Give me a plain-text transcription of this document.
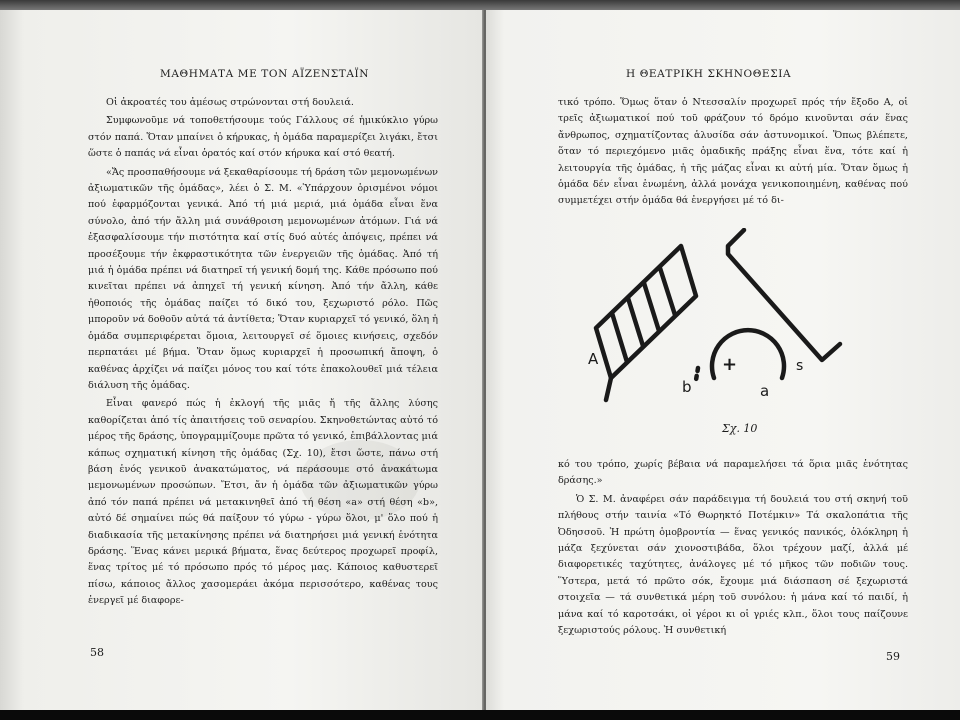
ΜΑΘΗΜΑΤΑ ΜΕ ΤΟΝ ΑΪΖΕΝΣΤΑΪΝ

Οἱ ἀκροατές του ἀμέσως στρώνονται στή δουλειά.

Συμφωνοῦμε νά τοποθετήσουμε τούς Γάλλους σέ ἡμικύκλιο γύρω στόν παπά. Ὅταν μπαίνει ὁ κήρυκας, ἡ ὁμάδα παραμερίζει λιγάκι, ἔτσι ὥστε ὁ παπάς νά εἶναι ὁρατός καί στόν κήρυκα καί στό θεατή.

«Ἄς προσπαθήσουμε νά ξεκαθαρίσουμε τή δράση τῶν μεμονωμένων ἀξιωματικῶν τῆς ὁμάδας», λέει ὁ Σ. Μ. «Ὑπάρχουν ὁρισμένοι νόμοι πού ἐφαρμόζονται γενικά. Ἀπό τή μιά μεριά, μιά ὁμάδα εἶναι ἕνα σύνολο, ἀπό τήν ἄλλη μιά συνάθροιση μεμονωμένων ἀτόμων. Γιά νά ἐξασφαλίσουμε τήν πιστότητα καί στίς δυό αὐτές ἀπόψεις, πρέπει νά προσέξουμε τήν ἐκφραστικότητα τῶν ἐνεργειῶν τῆς ὁμάδας. Ἀπό τή μιά ἡ ὁμάδα πρέπει νά διατηρεῖ τή γενική δομή της. Κάθε πρόσωπο πού κινεῖται πρέπει νά ἀπηχεῖ τή γενική κίνηση. Ἀπό τήν ἄλλη, κάθε ἠθοποιός τῆς ὁμάδας παίζει τό δικό του, ξεχωριστό ρόλο. Πῶς μποροῦν νά δοθοῦν αὐτά τά ἀντίθετα; Ὅταν κυριαρχεῖ τό γενικό, ὅλη ἡ ὁμάδα συμπεριφέρεται ὅμοια, λειτουργεῖ σέ ὅμοιες κινήσεις, σχεδόν περπατάει μέ βήμα. Ὅταν ὅμως κυριαρχεῖ ἡ προσωπική ἄποψη, ὁ καθένας ἀρχίζει νά παίζει μόνος του καί τότε ἐπακολουθεῖ μιά τέλεια διάλυση τῆς ὁμάδας.

Εἶναι φανερό πώς ἡ ἐκλογή τῆς μιᾶς ἤ τῆς ἄλλης λύσης καθορίζεται ἀπό τίς ἀπαιτήσεις τοῦ σεναρίου. Σκηνοθετώντας αὐτό τό μέρος τῆς δράσης, ὑπογραμμίζουμε πρῶτα τό γενικό, ἐπιβάλλοντας μιά κάπως σχηματική κίνηση τῆς ὁμάδας (Σχ. 10), ἔτσι ὥστε, πάνω στή βάση ἑνός γενικοῦ ἀνακατώματος, νά περάσουμε στό ἀνακάτωμα μεμονωμένων προσώπων. Ἔτσι, ἄν ἡ ὁμάδα τῶν ἀξιωματικῶν γύρω ἀπό τόν παπά πρέπει νά μετακινηθεῖ ἀπό τή θέση «a» στή θέση «b», αὐτό δέ σημαίνει πώς θά παίξουν τό γύρω - γύρω ὅλοι, μ' ὅλο πού ἡ διαδικασία τῆς μετακίνησης πρέπει νά διατηρήσει μιά γενική ἑνότητα δράσης. Ἕνας κάνει μερικά βήματα, ἕνας δεύτερος προχωρεῖ προφίλ, ἕνας τρίτος μέ τό πρόσωπο πρός τό μέρος μας. Κάποιος καθυστερεῖ πίσω, κάποιος ἄλλος χασομεράει ἀκόμα περισσότερο, καθένας τους ἐνεργεῖ μέ διαφορε-

58
Η ΘΕΑΤΡΙΚΗ ΣΚΗΝΟΘΕΣΙΑ

τικό τρόπο. Ὅμως ὅταν ὁ Ντεσσαλίν προχωρεῖ πρός τήν ἔξοδο Α, οἱ τρεῖς ἀξιωματικοί πού τοῦ φράζουν τό δρόμο κινοῦνται σάν ἕνας ἄνθρωπος, σχηματίζοντας ἁλυσίδα σάν ἀστυνομικοί. Ὅπως βλέπετε, ὅταν τό περιεχόμενο μιᾶς ὁμαδικῆς πράξης εἶναι ἕνα, τότε καί ἡ λειτουργία τῆς ὁμάδας, ἡ τῆς μάζας εἶναι κι αὐτή μία. Ὅταν ὅμως ἡ ὁμάδα δέν εἶναι ἑνωμένη, ἀλλά μονάχα γενικοποιημένη, καθένας πού συμμετέχει στήν ὁμάδα θά ἐνεργήσει μέ τό δι-

A
b
+
a
s
Σχ. 10

κό του τρόπο, χωρίς βέβαια νά παραμελήσει τά ὅρια μιᾶς ἑνότητας δράσης.»

Ὁ Σ. Μ. ἀναφέρει σάν παράδειγμα τή δουλειά του στή σκηνή τοῦ πλήθους στήν ταινία «Τό Θωρηκτό Ποτέμκιν» Τά σκαλοπάτια τῆς Ὀδησσοῦ. Ἡ πρώτη ὁμοβροντία — ἕνας γενικός πανικός, ὁλόκληρη ἡ μάζα ξεχύνεται σάν χιονοστιβάδα, ὅλοι τρέχουν μαζί, ἀλλά μέ διαφορετικές ταχύτητες, ἀνάλογες μέ τό μῆκος τῶν ποδιῶν τους. Ὕστερα, μετά τό πρῶτο σόκ, ἔχουμε μιά διάσπαση σέ ξεχωριστά στοιχεῖα — τά συνθετικά μέρη τοῦ συνόλου: ἡ μάνα καί τό παιδί, ἡ μάνα καί τό καροτσάκι, οἱ γέροι κι οἱ γριές κλπ., ὅλοι τους παίζουνε ξεχωριστούς ρόλους. Ἡ συνθετική

59
